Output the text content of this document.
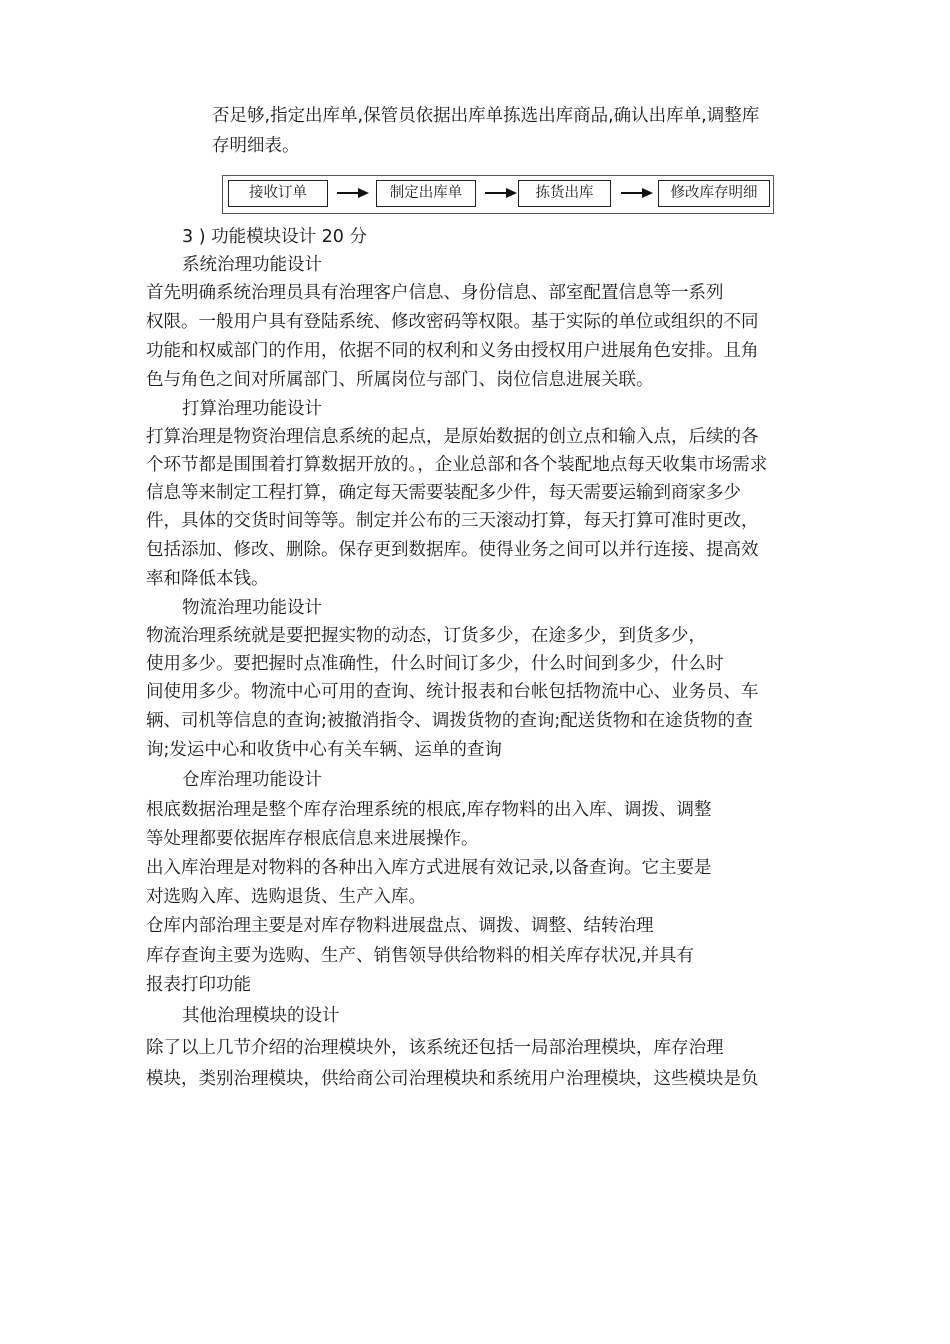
否足够,指定出库单,保管员依据出库单拣选出库商品,确认出库单,调整库
存明细表。
接收订单	制定出库单	拣货出库	修改库存明细
3 ) 功能模块设计 20 分
系统治理功能设计
首先明确系统治理员具有治理客户信息、身份信息、部室配置信息等一系列
权限。一般用户具有登陆系统、修改密码等权限。基于实际的单位或组织的不同
功能和权威部门的作用，依据不同的权利和义务由授权用户进展角色安排。且角
色与角色之间对所属部门、所属岗位与部门、岗位信息进展关联。
打算治理功能设计
打算治理是物资治理信息系统的起点，是原始数据的创立点和输入点，后续的各
个环节都是围围着打算数据开放的。，企业总部和各个装配地点每天收集市场需求
信息等来制定工程打算，确定每天需要装配多少件，每天需要运输到商家多少
件，具体的交货时间等等。制定并公布的三天滚动打算，每天打算可准时更改，
包括添加、修改、删除。保存更到数据库。使得业务之间可以并行连接、提高效
率和降低本钱。
物流治理功能设计
物流治理系统就是要把握实物的动态，订货多少，在途多少，到货多少，
使用多少。要把握时点准确性，什么时间订多少，什么时间到多少，什么时
间使用多少。物流中心可用的查询、统计报表和台帐包括物流中心、业务员、车
辆、司机等信息的查询;被撤消指令、调拨货物的查询;配送货物和在途货物的查
询;发运中心和收货中心有关车辆、运单的查询
仓库治理功能设计
根底数据治理是整个库存治理系统的根底,库存物料的出入库、调拨、调整
等处理都要依据库存根底信息来进展操作。
出入库治理是对物料的各种出入库方式进展有效记录,以备查询。它主要是
对选购入库、选购退货、生产入库。
仓库内部治理主要是对库存物料进展盘点、调拨、调整、结转治理
库存查询主要为选购、生产、销售领导供给物料的相关库存状况,并具有
报表打印功能
其他治理模块的设计
除了以上几节介绍的治理模块外，该系统还包括一局部治理模块，库存治理
模块，类别治理模块，供给商公司治理模块和系统用户治理模块，这些模块是负
